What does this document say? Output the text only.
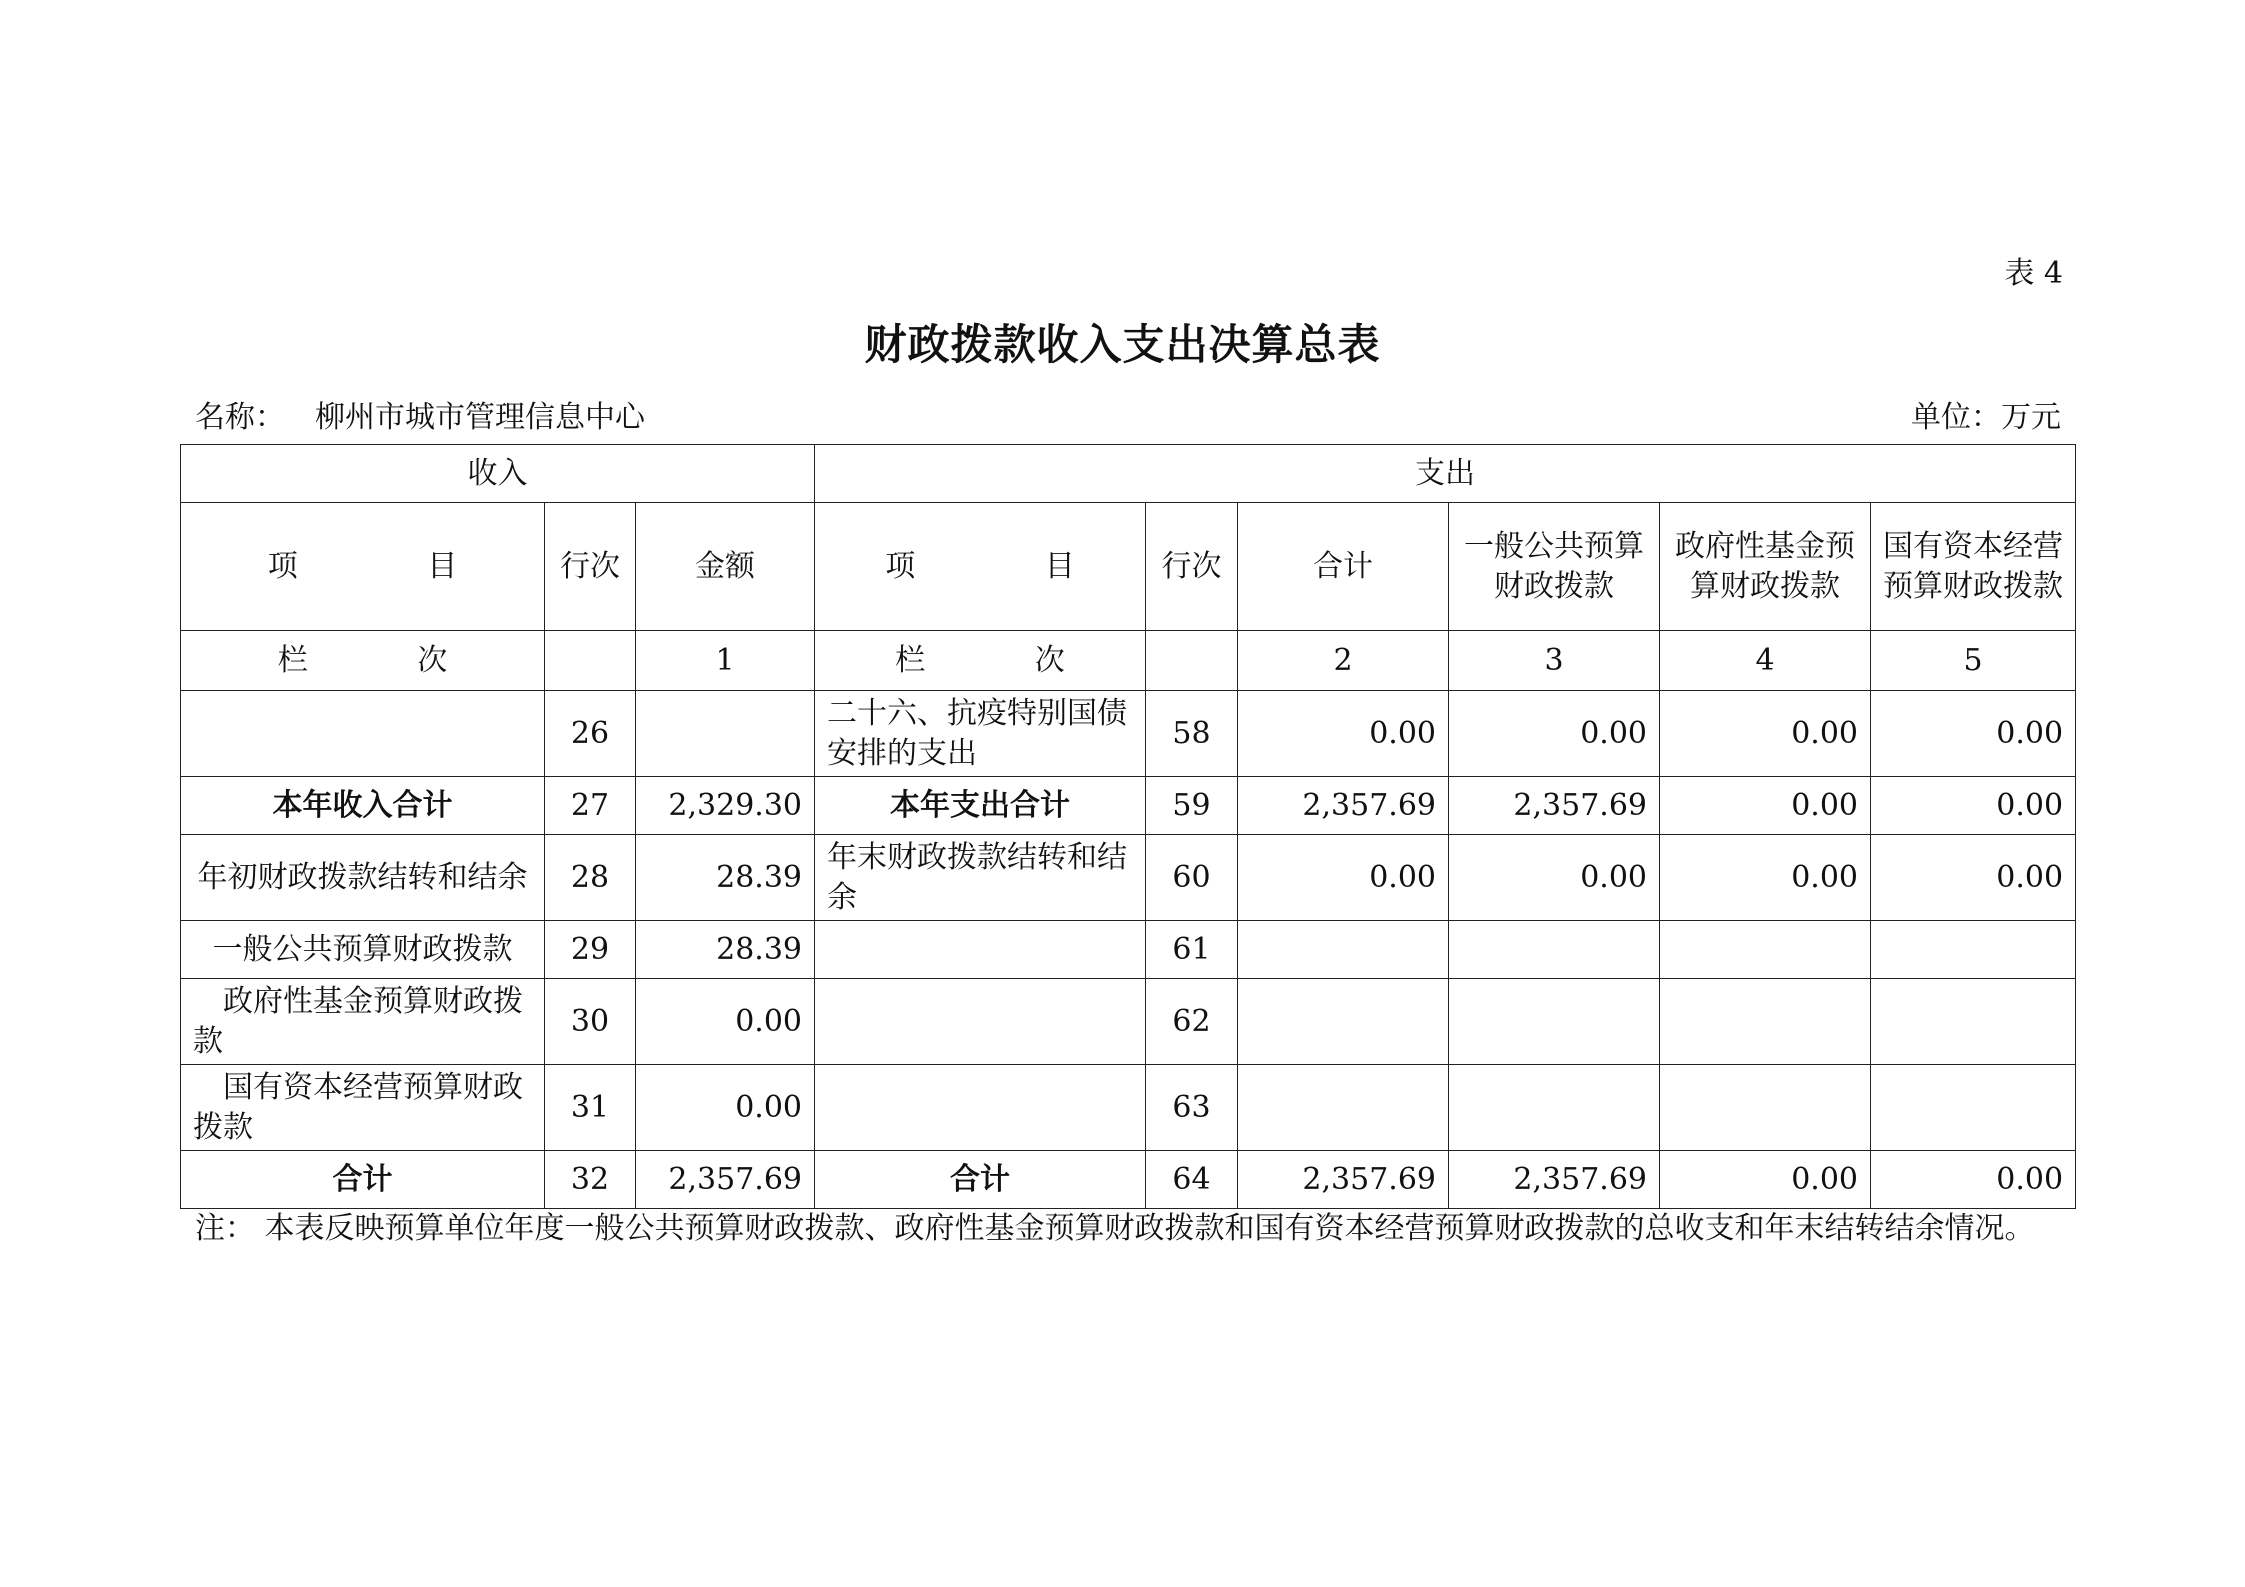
表 4
财政拨款收入支出决算总表
名称： 柳州市城市管理信息中心	单位：万元
收入			支出					
项 目	行次	金额	项 目	行次	合计	一般公共预算财政拨款	政府性基金预算财政拨款	国有资本经营预算财政拨款
栏 次		1	栏 次		2	3	4	5
	26		二十六、抗疫特别国债安排的支出	58	0.00	0.00	0.00	0.00
本年收入合计	27	2,329.30	本年支出合计	59	2,357.69	2,357.69	0.00	0.00
年初财政拨款结转和结余	28	28.39	年末财政拨款结转和结余	60	0.00	0.00	0.00	0.00
一般公共预算财政拨款	29	28.39		61				
政府性基金预算财政拨款	30	0.00		62				
国有资本经营预算财政拨款	31	0.00		63				
合计	32	2,357.69	合计	64	2,357.69	2,357.69	0.00	0.00
注： 本表反映预算单位年度一般公共预算财政拨款、政府性基金预算财政拨款和国有资本经营预算财政拨款的总收支和年末结转结余情况。
